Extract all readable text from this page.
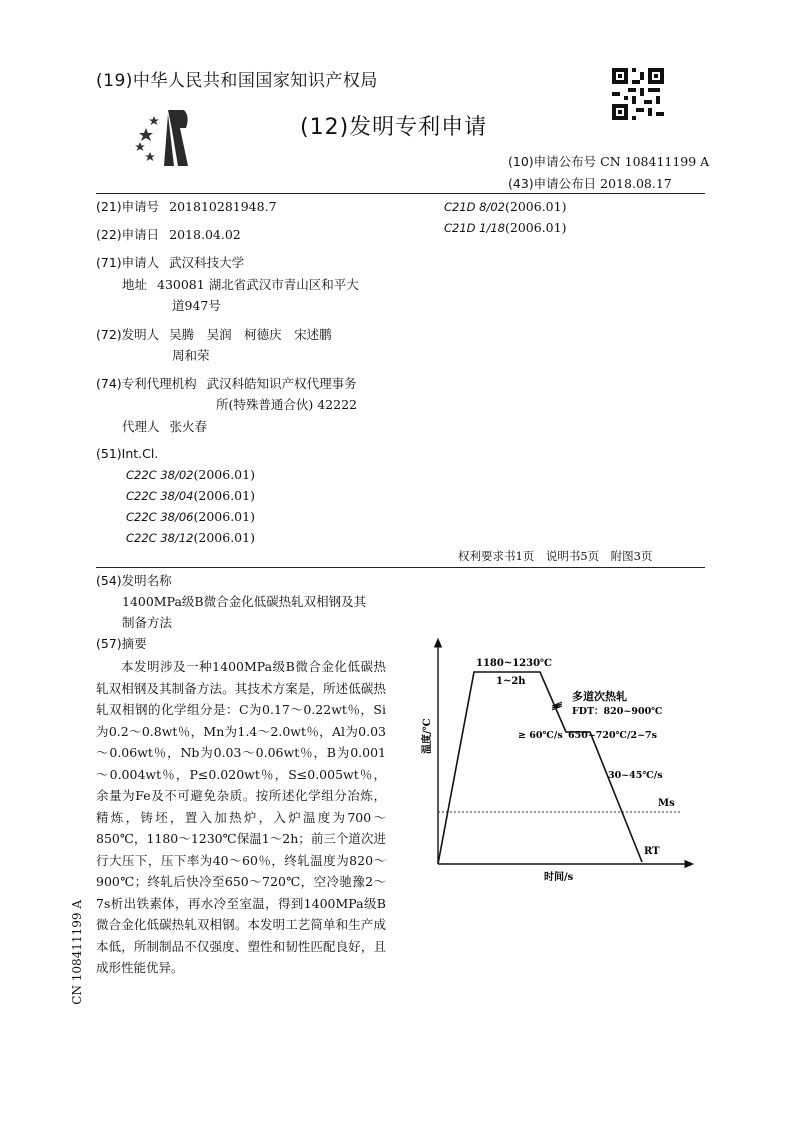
(19)中华人民共和国国家知识产权局
(12)发明专利申请
(10)申请公布号 CN 108411199 A
(43)申请公布日 2018.08.17
(21)申请号 201810281948.7
(22)申请日 2018.04.02
(71)申请人 武汉科技大学
地址 430081 湖北省武汉市青山区和平大
道947号
(72)发明人 吴腾　吴润　柯德庆　宋述鹏
周和荣
(74)专利代理机构 武汉科皓知识产权代理事务
所(特殊普通合伙) 42222
代理人 张火春
(51)Int.Cl.
C22C 38/02(2006.01)
C22C 38/04(2006.01)
C22C 38/06(2006.01)
C22C 38/12(2006.01)
C21D 8/02(2006.01)
C21D 1/18(2006.01)
权利要求书1页　说明书5页　附图3页
(54)发明名称
1400MPa级B微合金化低碳热轧双相钢及其
制备方法
(57)摘要
本发明涉及一种1400MPa级B微合金化低碳热轧双相钢及其制备方法。其技术方案是，所述低碳热轧双相钢的化学组分是：C为0.17～0.22wt％，Si为0.2～0.8wt％，Mn为1.4～2.0wt％，Al为0.03～0.06wt％，Nb为0.03～0.06wt％，B为0.001～0.004wt％，P≤0.020wt％，S≤0.005wt％，余量为Fe及不可避免杂质。按所述化学组分冶炼，精炼，铸坯，置入加热炉，入炉温度为700～850℃，1180～1230℃保温1～2h；前三个道次进行大压下，压下率为40～60％，终轧温度为820～900℃；终轧后快冷至650～720℃，空冷驰豫2～7s析出铁素体，再水冷至室温，得到1400MPa级B微合金化低碳热轧双相钢。本发明工艺简单和生产成本低，所制制品不仅强度、塑性和韧性匹配良好，且成形性能优异。
CN 108411199 A
1180~1230℃
1~2h
多道次热轧
FDT：820~900℃
≥ 60℃/s 650~720℃/2~7s
30~45℃/s
Ms
RT
时间/s
温度/℃
